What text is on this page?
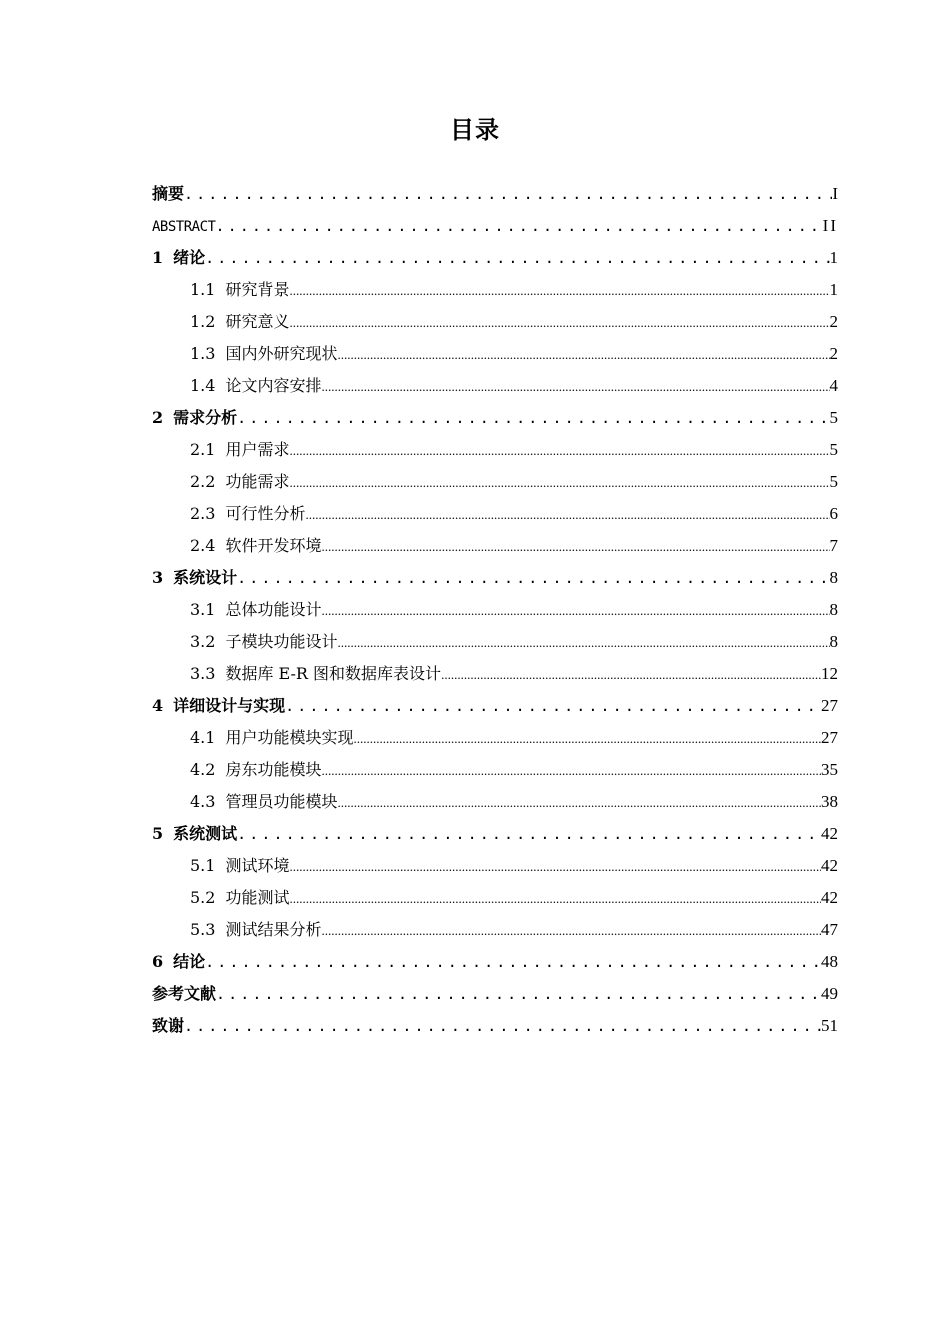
目录
摘要 .....	I
ABSTRACT .....	II
1 绪论 .....	1
1.1 研究背景 .....	1
1.2 研究意义 .....	2
1.3 国内外研究现状 .....	2
1.4 论文内容安排 .....	4
2 需求分析 .....	5
2.1 用户需求 .....	5
2.2 功能需求 .....	5
2.3 可行性分析 .....	6
2.4 软件开发环境 .....	7
3 系统设计 .....	8
3.1 总体功能设计 .....	8
3.2 子模块功能设计 .....	8
3.3 数据库 E-R 图和数据库表设计 .....	12
4 详细设计与实现 .....	27
4.1 用户功能模块实现 .....	27
4.2 房东功能模块 .....	35
4.3 管理员功能模块 .....	38
5 系统测试 .....	42
5.1 测试环境 .....	42
5.2 功能测试 .....	42
5.3 测试结果分析 .....	47
6 结论 .....	48
参考文献 .....	49
致谢 .....	51
